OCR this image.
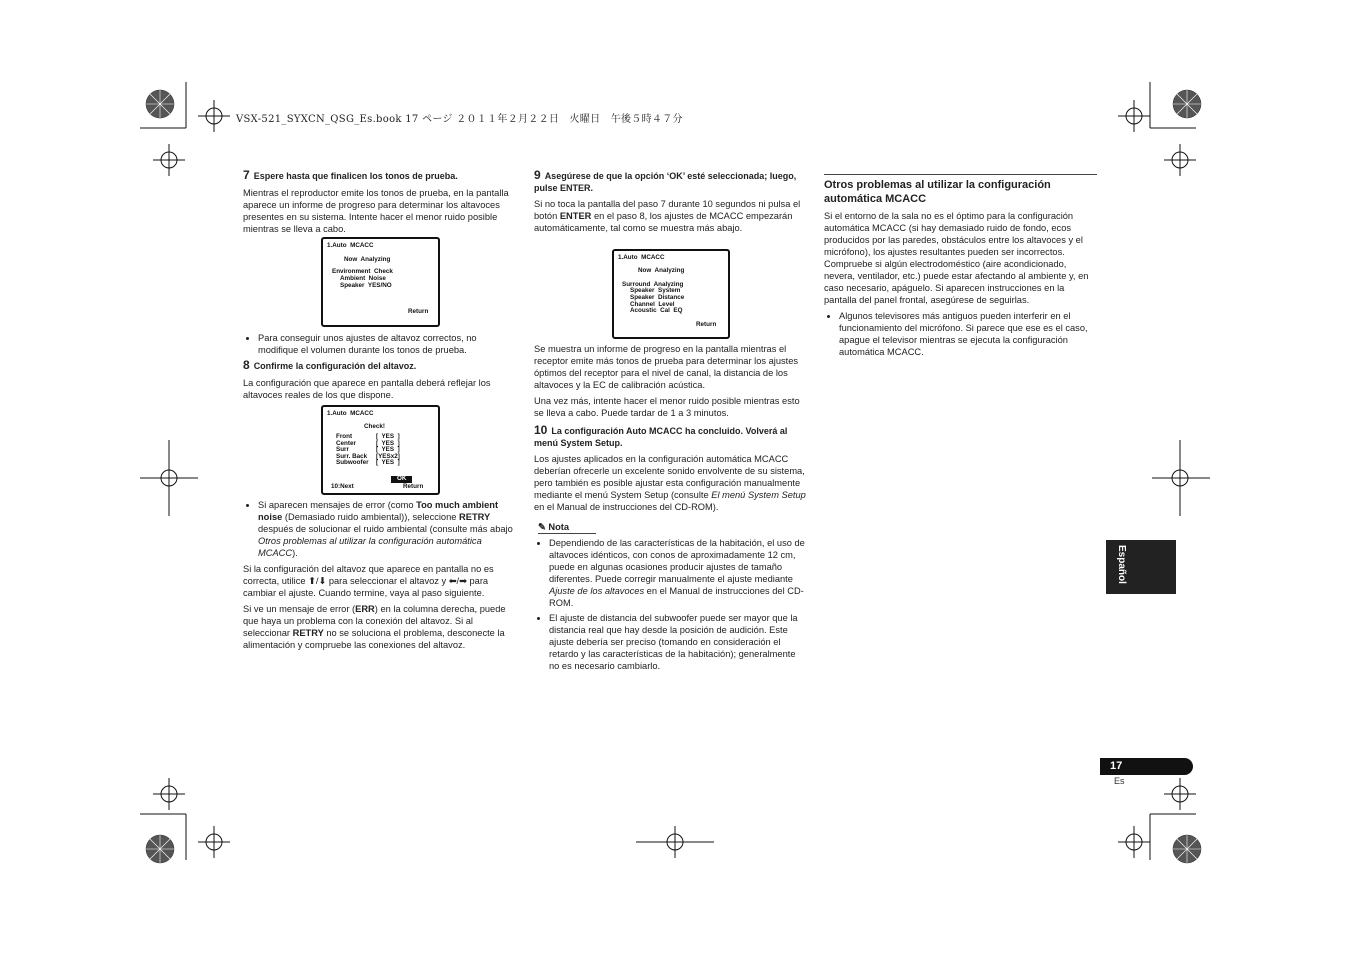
VSX-521_SYXCN_QSG_Es.book 17 ページ ２０１１年２月２２日　火曜日　午後５時４７分

7 Espere hasta que finalicen los tonos de prueba.

Mientras el reproductor emite los tonos de prueba, en la pantalla aparece un informe de progreso para determinar los altavoces presentes en su sistema. Intente hacer el menor ruido posible mientras se lleva a cabo.

1.Auto  MCACC
Now  Analyzing
Environment  Check
Ambient  Noise
Speaker  YES/NO
Return
• Para conseguir unos ajustes de altavoz correctos, no modifique el volumen durante los tonos de prueba.

8 Confirme la configuración del altavoz.

La configuración que aparece en pantalla deberá reflejar los altavoces reales de los que dispone.

1.Auto  MCACC
Check!
Front	[  YES  ]
Center	[  YES  ]
Surr	[  YES  ]
Surr. Back [YESx2]
Subwoofer [  YES  ]
OK
10:Next	Return
• Si aparecen mensajes de error (como Too much ambient noise (Demasiado ruido ambiental)), seleccione RETRY después de solucionar el ruido ambiental (consulte más abajo Otros problemas al utilizar la configuración automática MCACC).

Si la configuración del altavoz que aparece en pantalla no es correcta, utilice ⬆/⬇ para seleccionar el altavoz y ⬅/➡ para cambiar el ajuste. Cuando termine, vaya al paso siguiente.

Si ve un mensaje de error (ERR) en la columna derecha, puede que haya un problema con la conexión del altavoz. Si al seleccionar RETRY no se soluciona el problema, desconecte la alimentación y compruebe las conexiones del altavoz.

9 Asegúrese de que la opción ‘OK’ esté seleccionada; luego, pulse ENTER.

Si no toca la pantalla del paso 7 durante 10 segundos ni pulsa el botón ENTER en el paso 8, los ajustes de MCACC empezarán automáticamente, tal como se muestra más abajo.

1.Auto  MCACC
Now  Analyzing
Surround  Analyzing
Speaker  System
Speaker  Distance
Channel  Level
Acoustic  Cal  EQ
Return

Se muestra un informe de progreso en la pantalla mientras el receptor emite más tonos de prueba para determinar los ajustes óptimos del receptor para el nivel de canal, la distancia de los altavoces y la EC de calibración acústica.

Una vez más, intente hacer el menor ruido posible mientras esto se lleva a cabo. Puede tardar de 1 a 3 minutos.

10 La configuración Auto MCACC ha concluido. Volverá al menú System Setup.

Los ajustes aplicados en la configuración automática MCACC deberían ofrecerle un excelente sonido envolvente de su sistema, pero también es posible ajustar esta configuración manualmente mediante el menú System Setup (consulte El menú System Setup en el Manual de instrucciones del CD-ROM).

✎ Nota

• Dependiendo de las características de la habitación, el uso de altavoces idénticos, con conos de aproximadamente 12 cm, puede en algunas ocasiones producir ajustes de tamaño diferentes. Puede corregir manualmente el ajuste mediante Ajuste de los altavoces en el Manual de instrucciones del CD-ROM.
• El ajuste de distancia del subwoofer puede ser mayor que la distancia real que hay desde la posición de audición. Este ajuste debería ser preciso (tomando en consideración el retardo y las características de la habitación); generalmente no es necesario cambiarlo.

Otros problemas al utilizar la configuración automática MCACC

Si el entorno de la sala no es el óptimo para la configuración automática MCACC (si hay demasiado ruido de fondo, ecos producidos por las paredes, obstáculos entre los altavoces y el micrófono), los ajustes resultantes pueden ser incorrectos. Compruebe si algún electrodoméstico (aire acondicionado, nevera, ventilador, etc.) puede estar afectando al ambiente y, en caso necesario, apáguelo. Si aparecen instrucciones en la pantalla del panel frontal, asegúrese de seguirlas.

• Algunos televisores más antiguos pueden interferir en el funcionamiento del micrófono. Si parece que ese es el caso, apague el televisor mientras se ejecuta la configuración automática MCACC.
Español
17
Es
